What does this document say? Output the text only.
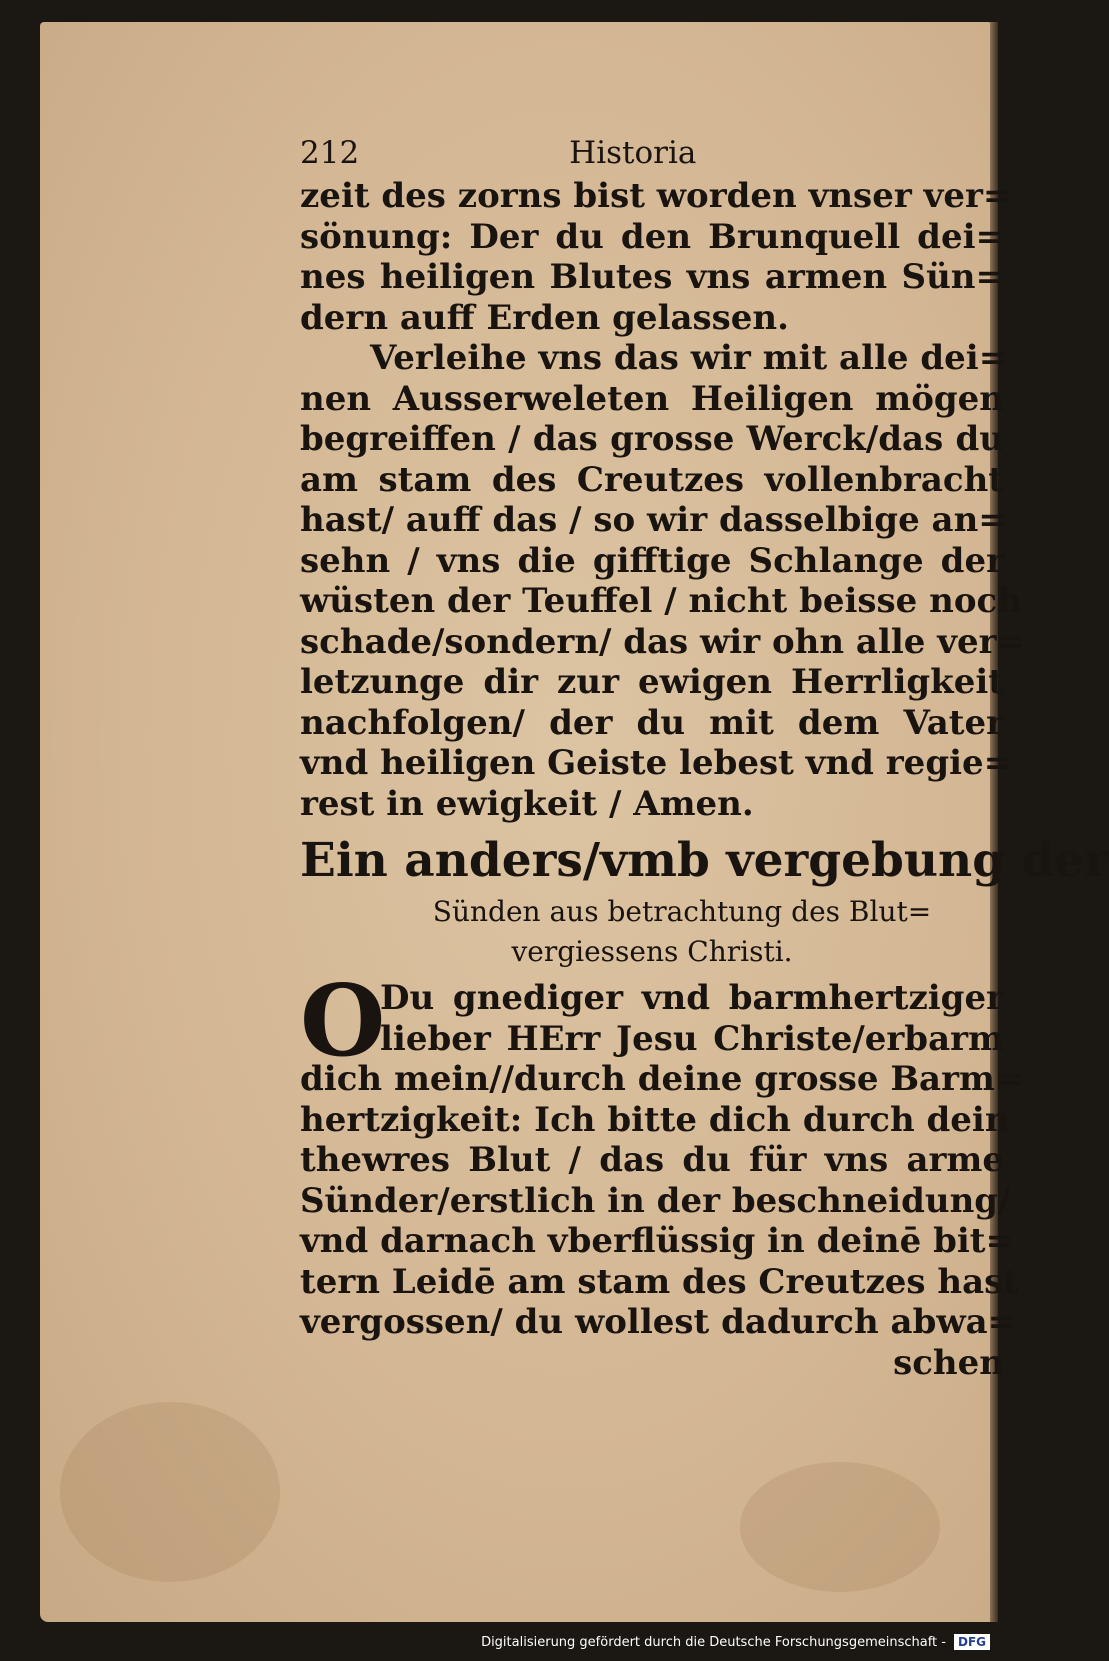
212	Historia
zeit des zorns bist worden vnser ver=
sönung: Der du den Brunquell dei=
nes heiligen Blutes vns armen Sün=
dern auff Erden gelassen.
Verleihe vns das wir mit alle dei=
nen Ausserweleten Heiligen mögen
begreiffen / das grosse Werck/das du
am stam des Creutzes vollenbracht
hast/ auff das / so wir dasselbige an=
sehn / vns die gifftige Schlange der
wüsten der Teuffel / nicht beisse noch
schade/sondern/ das wir ohn alle ver=
letzunge dir zur ewigen Herrligkeit
nachfolgen/ der du mit dem Vater
vnd heiligen Geiste lebest vnd regie=
rest in ewigkeit / Amen.
Ein anders/vmb vergebung der
Sünden aus betrachtung des Blut=
vergiessens Christi.
O
Du gnediger vnd barmhertziger
lieber HErr Jesu Christe/erbarm
dich mein//durch deine grosse Barm=
hertzigkeit: Ich bitte dich durch dein
thewres Blut / das du für vns arme
Sünder/erstlich in der beschneidung/
vnd darnach vberflüssig in deinē bit=
tern Leidē am stam des Creutzes hast
vergossen/ du wollest dadurch abwa=
schen
Digitalisierung gefördert durch die Deutsche Forschungsgemeinschaft -	DFG
